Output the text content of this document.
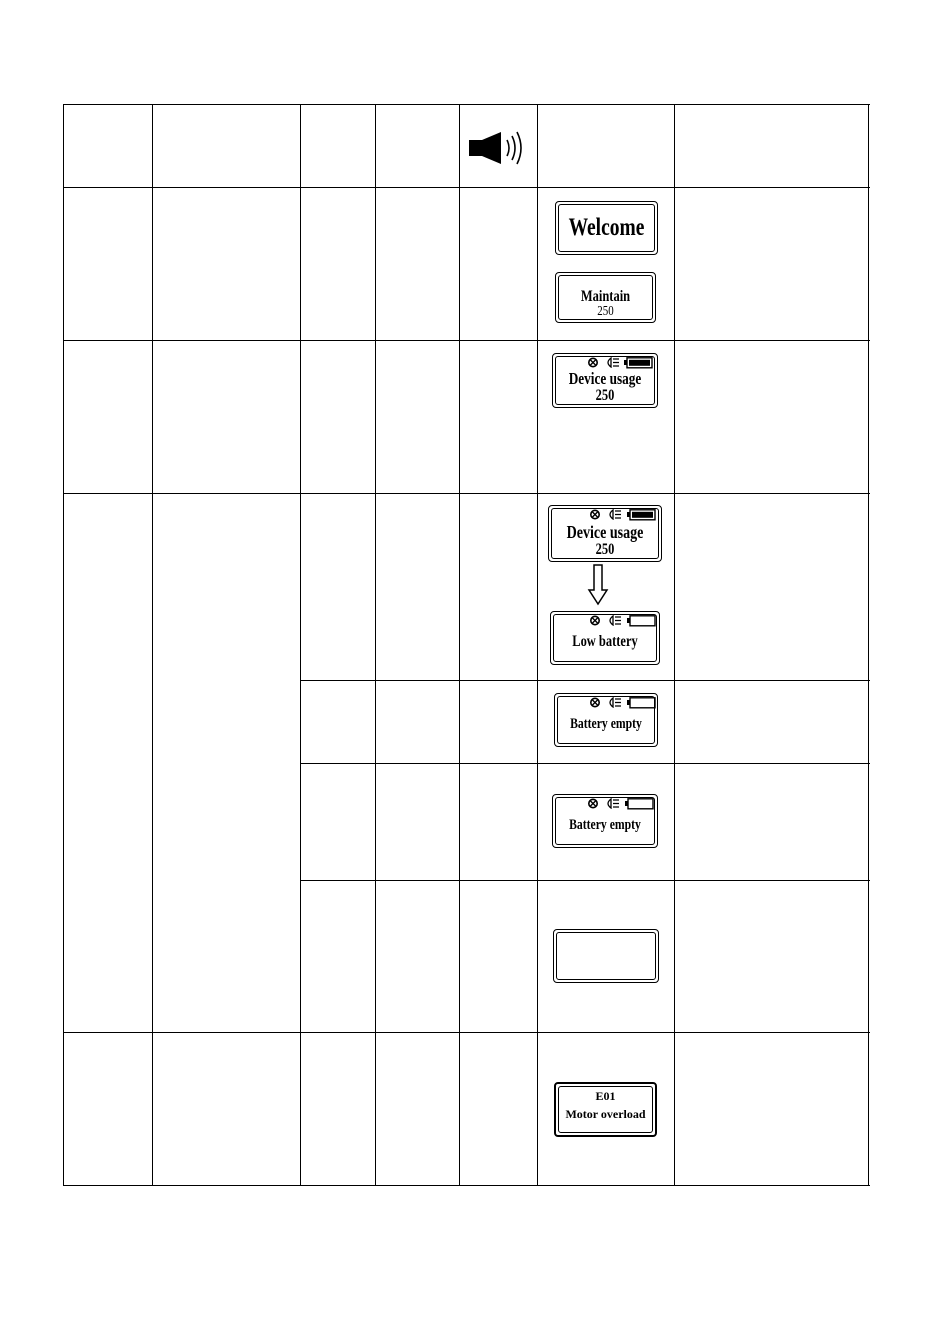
Welcome
Maintain
250
Device usage
250
Device usage
250
Low battery
Battery empty
Battery empty
E01
Motor overload
